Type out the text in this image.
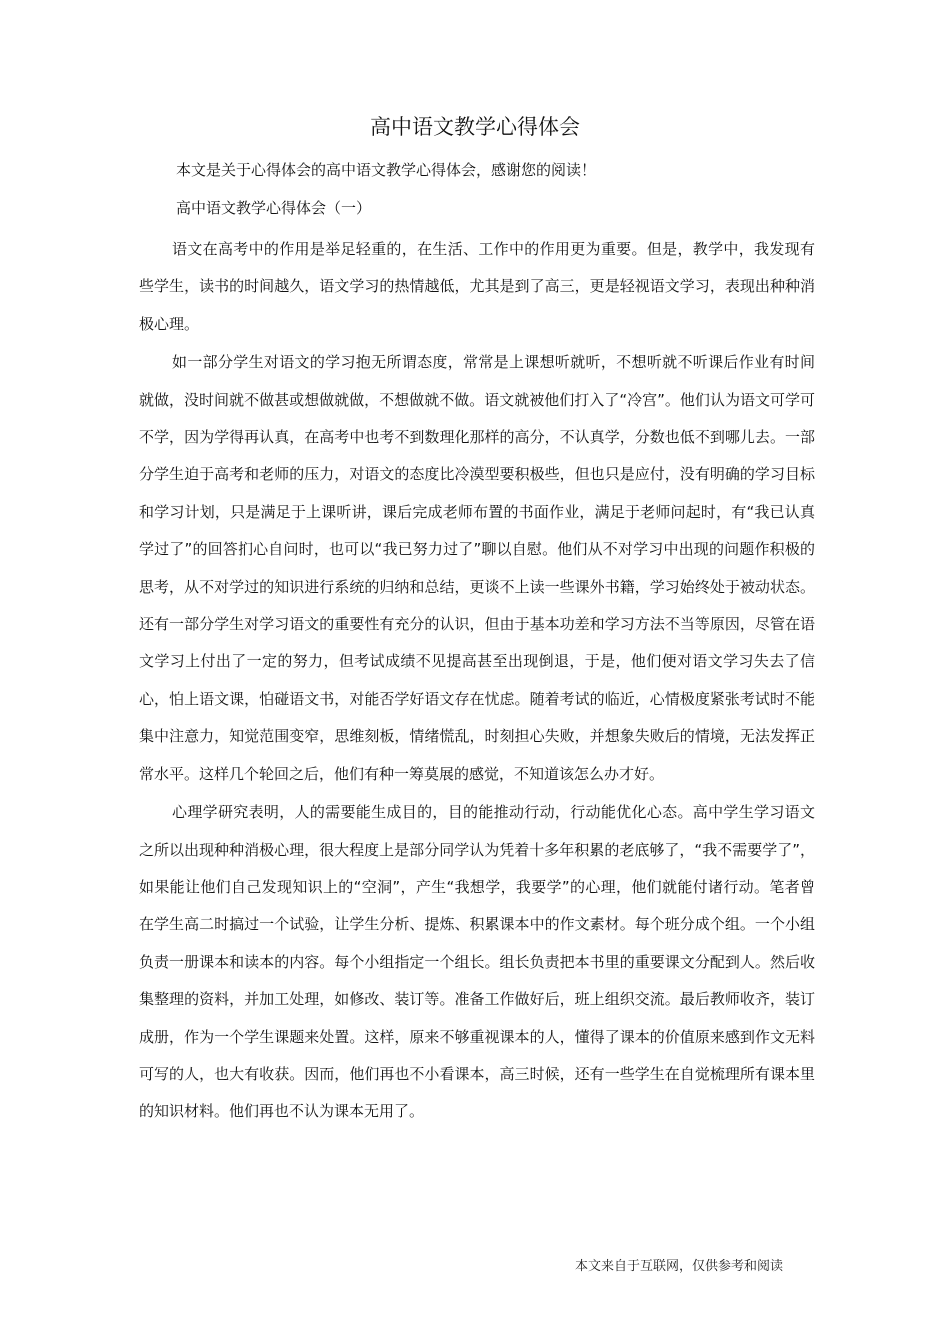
高中语文教学心得体会

本文是关于心得体会的高中语文教学心得体会，感谢您的阅读！

高中语文教学心得体会（一）

语文在高考中的作用是举足轻重的，在生活、工作中的作用更为重要。但是，教学中，我发现有些学生，读书的时间越久，语文学习的热情越低，尤其是到了高三，更是轻视语文学习，表现出种种消极心理。

如一部分学生对语文的学习抱无所谓态度，常常是上课想听就听，不想听就不听课后作业有时间就做，没时间就不做甚或想做就做，不想做就不做。语文就被他们打入了“冷宫”。他们认为语文可学可不学，因为学得再认真，在高考中也考不到数理化那样的高分，不认真学，分数也低不到哪儿去。一部分学生迫于高考和老师的压力，对语文的态度比冷漠型要积极些，但也只是应付，没有明确的学习目标和学习计划，只是满足于上课听讲，课后完成老师布置的书面作业，满足于老师问起时，有“我已认真学过了”的回答扪心自问时，也可以“我已努力过了”聊以自慰。他们从不对学习中出现的问题作积极的思考，从不对学过的知识进行系统的归纳和总结，更谈不上读一些课外书籍，学习始终处于被动状态。还有一部分学生对学习语文的重要性有充分的认识，但由于基本功差和学习方法不当等原因，尽管在语文学习上付出了一定的努力，但考试成绩不见提高甚至出现倒退，于是，他们便对语文学习失去了信心，怕上语文课，怕碰语文书，对能否学好语文存在忧虑。随着考试的临近，心情极度紧张考试时不能集中注意力，知觉范围变窄，思维刻板，情绪慌乱，时刻担心失败，并想象失败后的情境，无法发挥正常水平。这样几个轮回之后，他们有种一筹莫展的感觉，不知道该怎么办才好。

心理学研究表明，人的需要能生成目的，目的能推动行动，行动能优化心态。高中学生学习语文之所以出现种种消极心理，很大程度上是部分同学认为凭着十多年积累的老底够了，“我不需要学了”，如果能让他们自己发现知识上的“空洞”，产生“我想学，我要学”的心理，他们就能付诸行动。笔者曾在学生高二时搞过一个试验，让学生分析、提炼、积累课本中的作文素材。每个班分成个组。一个小组负责一册课本和读本的内容。每个小组指定一个组长。组长负责把本书里的重要课文分配到人。然后收集整理的资料，并加工处理，如修改、装订等。准备工作做好后，班上组织交流。最后教师收齐，装订成册，作为一个学生课题来处置。这样，原来不够重视课本的人，懂得了课本的价值原来感到作文无料可写的人，也大有收获。因而，他们再也不小看课本，高三时候，还有一些学生在自觉梳理所有课本里的知识材料。他们再也不认为课本无用了。

本文来自于互联网，仅供参考和阅读
